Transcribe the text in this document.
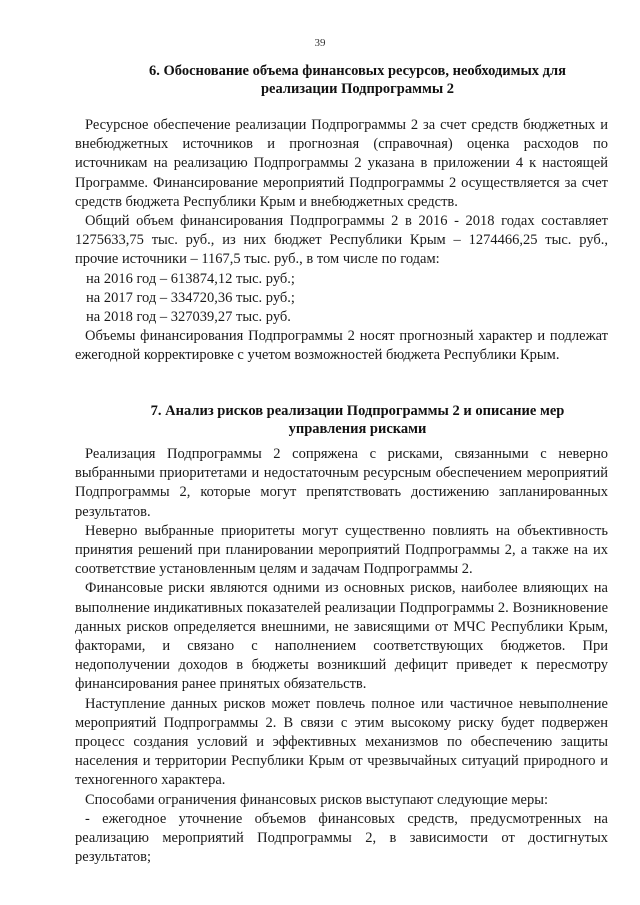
39
6. Обоснование объема финансовых ресурсов, необходимых для
реализации Подпрограммы 2

Ресурсное обеспечение реализации Подпрограммы 2 за счет средств бюджетных и внебюджетных источников и прогнозная (справочная) оценка расходов по источникам на реализацию Подпрограммы 2 указана в приложении 4 к настоящей Программе. Финансирование мероприятий Подпрограммы 2 осуществляется за счет средств бюджета Республики Крым и внебюджетных средств.

Общий объем финансирования Подпрограммы 2 в 2016 - 2018 годах составляет 1275633,75 тыс. руб., из них бюджет Республики Крым – 1274466,25 тыс. руб., прочие источники – 1167,5 тыс. руб., в том числе по годам:

на 2016 год – 613874,12 тыс. руб.;
на 2017 год – 334720,36 тыс. руб.;
на 2018 год – 327039,27 тыс. руб.

Объемы финансирования Подпрограммы 2 носят прогнозный характер и подлежат ежегодной корректировке с учетом возможностей бюджета Республики Крым.

7. Анализ рисков реализации Подпрограммы 2 и описание мер
управления рисками

Реализация Подпрограммы 2 сопряжена с рисками, связанными с неверно выбранными приоритетами и недостаточным ресурсным обеспечением мероприятий Подпрограммы 2, которые могут препятствовать достижению запланированных результатов.

Неверно выбранные приоритеты могут существенно повлиять на объективность принятия решений при планировании мероприятий Подпрограммы 2, а также на их соответствие установленным целям и задачам Подпрограммы 2.

Финансовые риски являются одними из основных рисков, наиболее влияющих на выполнение индикативных показателей реализации Подпрограммы 2. Возникновение данных рисков определяется внешними, не зависящими от МЧС Республики Крым, факторами, и связано с наполнением соответствующих бюджетов. При недополучении доходов в бюджеты возникший дефицит приведет к пересмотру финансирования ранее принятых обязательств.

Наступление данных рисков может повлечь полное или частичное невыполнение мероприятий Подпрограммы 2. В связи с этим высокому риску будет подвержен процесс создания условий и эффективных механизмов по обеспечению защиты населения и территории Республики Крым от чрезвычайных ситуаций природного и техногенного характера.

Способами ограничения финансовых рисков выступают следующие меры:

- ежегодное уточнение объемов финансовых средств, предусмотренных на реализацию мероприятий Подпрограммы 2, в зависимости от достигнутых результатов;
